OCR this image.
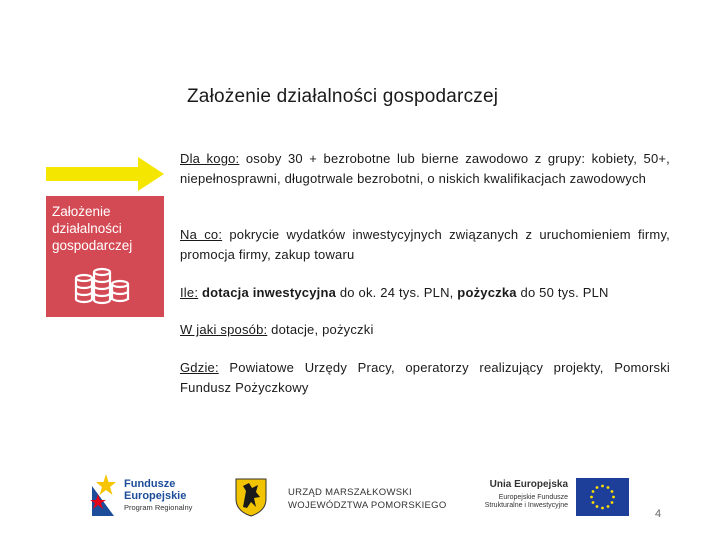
Założenie działalności gospodarczej
Założenie
działalności
gospodarczej
Dla kogo: osoby 30 + bezrobotne lub bierne zawodowo z grupy: kobiety, 50+, niepełnosprawni, długotrwale bezrobotni, o niskich kwalifikacjach zawodowych
Na co: pokrycie wydatków inwestycyjnych związanych z uruchomieniem firmy, promocja firmy, zakup towaru
Ile: dotacja inwestycyjna do ok. 24 tys. PLN, pożyczka do 50 tys. PLN
W jaki sposób: dotacje, pożyczki
Gdzie: Powiatowe Urzędy Pracy, operatorzy realizujący projekty, Pomorski Fundusz Pożyczkowy
Fundusze
Europejskie
Program Regionalny
URZĄD MARSZAŁKOWSKI
WOJEWÓDZTWA POMORSKIEGO
Unia Europejska
Europejskie Fundusze
Strukturalne i Inwestycyjne
4
